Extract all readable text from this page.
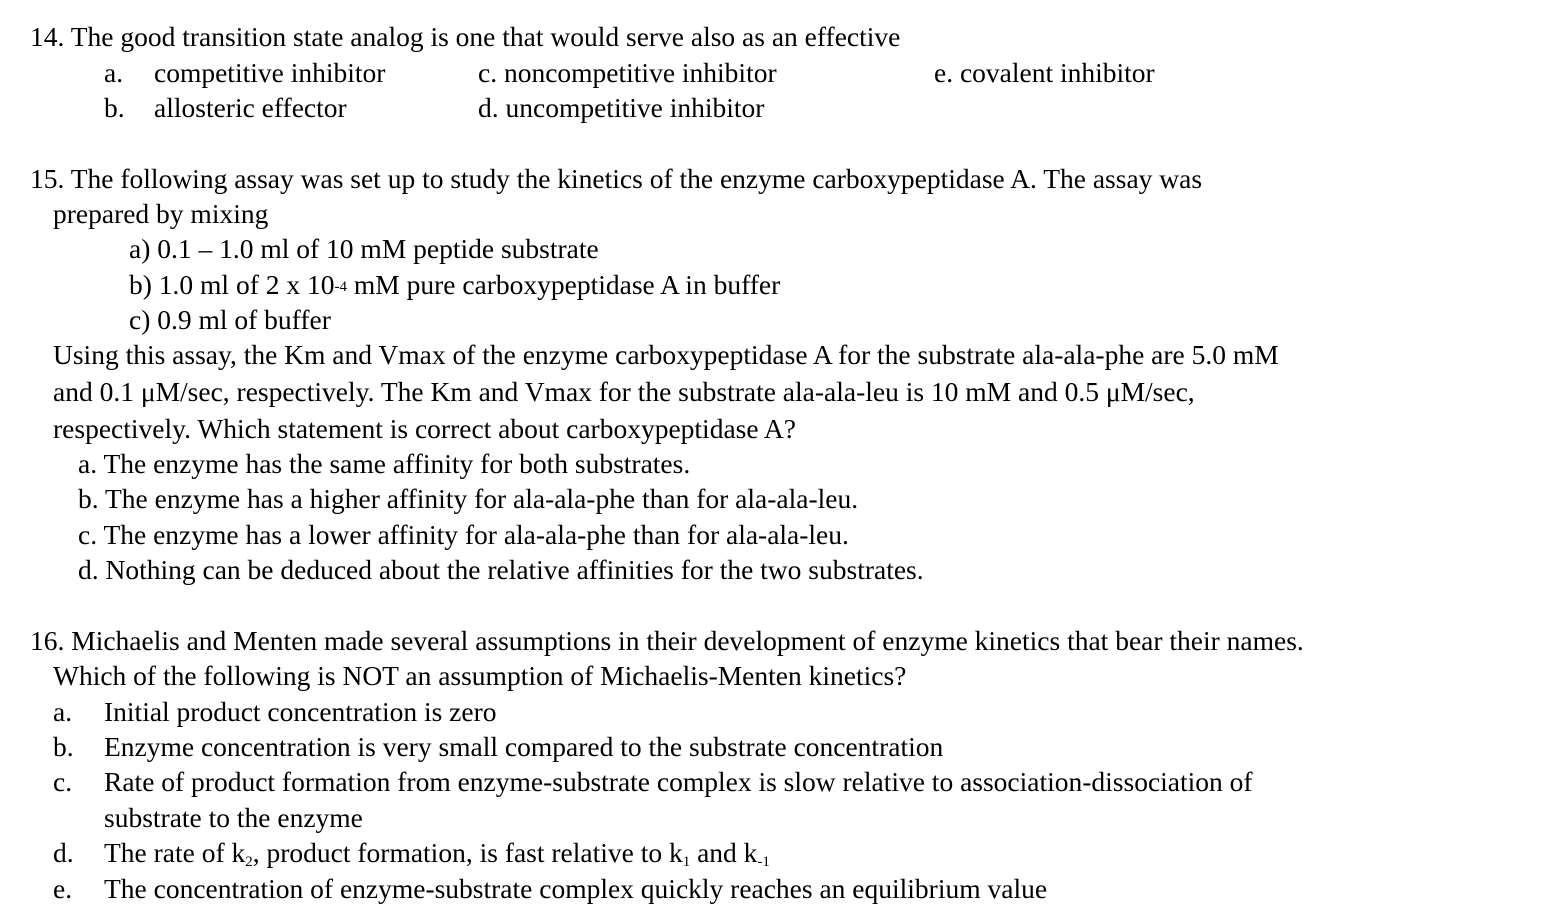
14. The good transition state analog is one that would serve also as an effective
a. competitive inhibitor
b. allosteric effector
c. noncompetitive inhibitor
d. uncompetitive inhibitor
e. covalent inhibitor
15. The following assay was set up to study the kinetics of the enzyme carboxypeptidase A. The assay was
prepared by mixing
a) 0.1 – 1.0 ml of 10 mM peptide substrate
b) 1.0 ml of 2 x $10^{-4}$ mM pure carboxypeptidase A in buffer
c) 0.9 ml of buffer
Using this assay, the Km and Vmax of the enzyme carboxypeptidase A for the substrate ala-ala-phe are 5.0 mM
and 0.1 μM/sec, respectively. The Km and Vmax for the substrate ala-ala-leu is 10 mM and 0.5 μM/sec,
respectively. Which statement is correct about carboxypeptidase A?
a. The enzyme has the same affinity for both substrates.
b. The enzyme has a higher affinity for ala-ala-phe than for ala-ala-leu.
c. The enzyme has a lower affinity for ala-ala-phe than for ala-ala-leu.
d. Nothing can be deduced about the relative affinities for the two substrates.
16. Michaelis and Menten made several assumptions in their development of enzyme kinetics that bear their names.
Which of the following is NOT an assumption of Michaelis-Menten kinetics?
a. Initial product concentration is zero
b. Enzyme concentration is very small compared to the substrate concentration
c. Rate of product formation from enzyme-substrate complex is slow relative to association-dissociation of
substrate to the enzyme
d. The rate of $k_2$, product formation, is fast relative to $k_1$ and $k_{-1}$
e. The concentration of enzyme-substrate complex quickly reaches an equilibrium value
